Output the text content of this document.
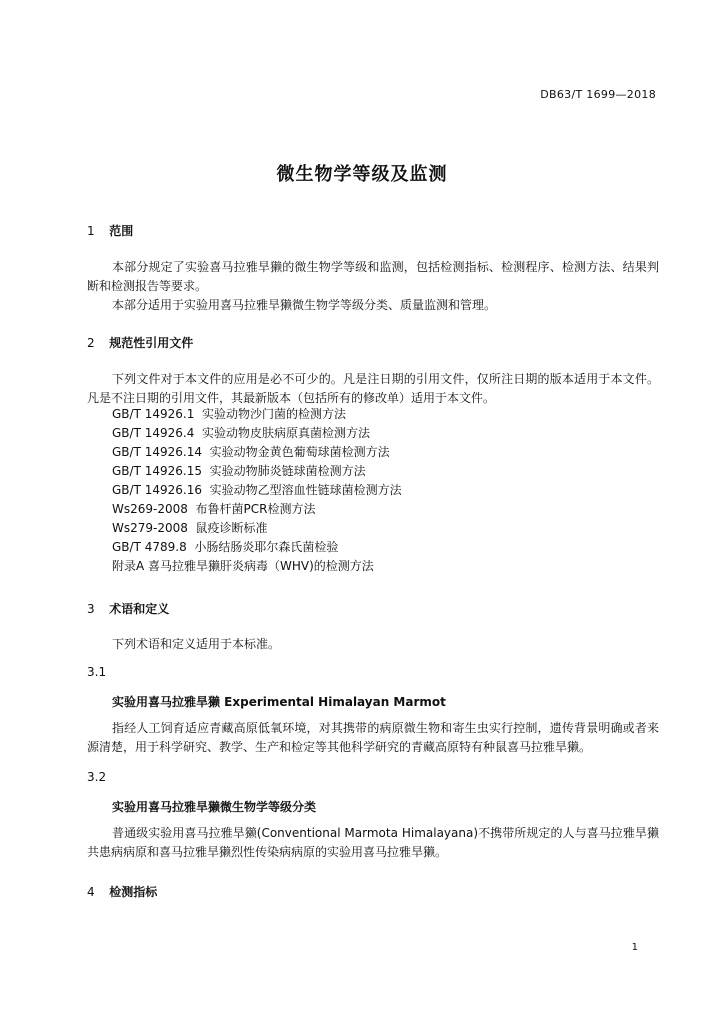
DB63/T 1699—2018
微生物学等级及监测
1 范围

本部分规定了实验喜马拉雅旱獭的微生物学等级和监测，包括检测指标、检测程序、检测方法、结果判断和检测报告等要求。

本部分适用于实验用喜马拉雅旱獭微生物学等级分类、质量监测和管理。

2 规范性引用文件

下列文件对于本文件的应用是必不可少的。凡是注日期的引用文件，仅所注日期的版本适用于本文件。凡是不注日期的引用文件，其最新版本（包括所有的修改单）适用于本文件。

GB/T 14926.1  实验动物沙门菌的检测方法
GB/T 14926.4  实验动物皮肤病原真菌检测方法
GB/T 14926.14  实验动物金黄色葡萄球菌检测方法
GB/T 14926.15  实验动物肺炎链球菌检测方法
GB/T 14926.16  实验动物乙型溶血性链球菌检测方法
Ws269-2008  布鲁杆菌PCR检测方法
Ws279-2008  鼠疫诊断标准
GB/T 4789.8  小肠结肠炎耶尔森氏菌检验
附录A 喜马拉雅旱獭肝炎病毒（WHV)的检测方法
3 术语和定义

下列术语和定义适用于本标准。

3.1
实验用喜马拉雅旱獭 Experimental Himalayan Marmot

指经人工饲育适应青藏高原低氧环境，对其携带的病原微生物和寄生虫实行控制，遗传背景明确或者来源清楚，用于科学研究、教学、生产和检定等其他科学研究的青藏高原特有种鼠喜马拉雅旱獭。

3.2
实验用喜马拉雅旱獭微生物学等级分类

普通级实验用喜马拉雅旱獭(Conventional Marmota Himalayana)不携带所规定的人与喜马拉雅旱獭共患病病原和喜马拉雅旱獭烈性传染病病原的实验用喜马拉雅旱獭。

4 检测指标
1
